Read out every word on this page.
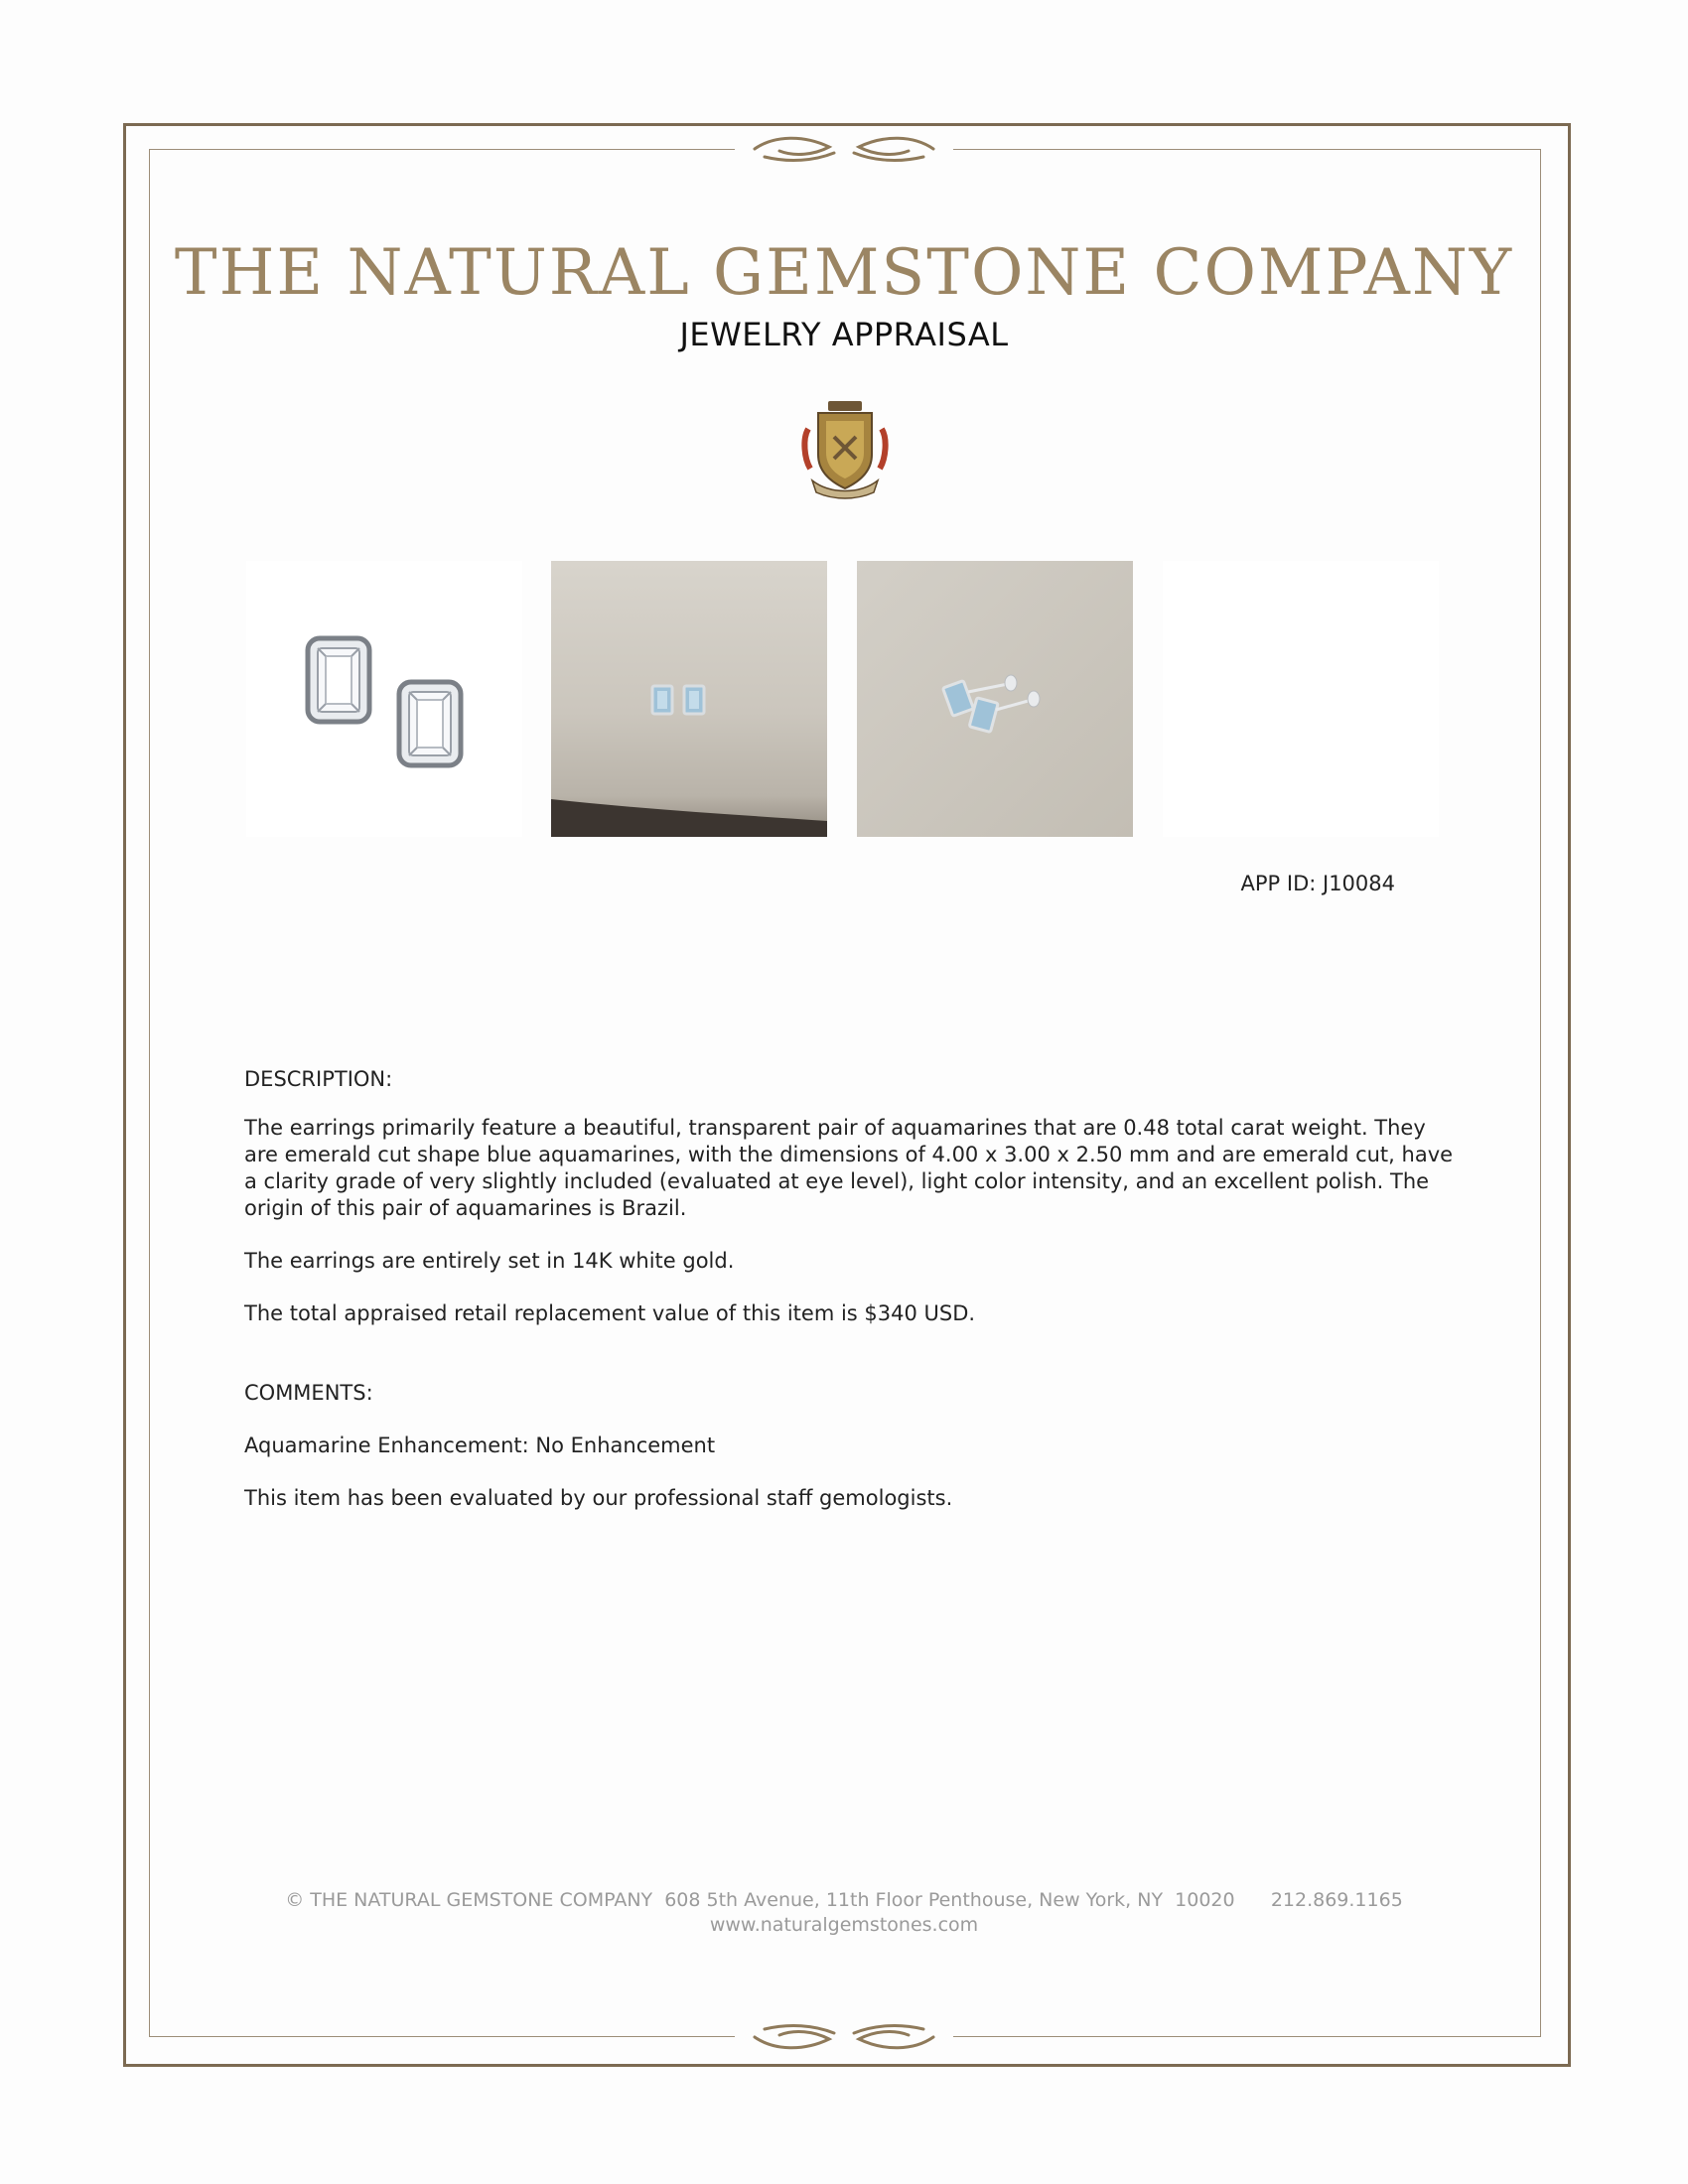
THE NATURAL GEMSTONE COMPANY
JEWELRY APPRAISAL
APP ID: J10084
DESCRIPTION:
The earrings primarily feature a beautiful, transparent pair of aquamarines that are 0.48 total carat weight. They are emerald cut shape blue aquamarines, with the dimensions of 4.00 x 3.00 x 2.50 mm and are emerald cut, have a clarity grade of very slightly included (evaluated at eye level), light color intensity, and an excellent polish. The origin of this pair of aquamarines is Brazil.
The earrings are entirely set in 14K white gold.
The total appraised retail replacement value of this item is $340 USD.
COMMENTS:
Aquamarine Enhancement: No Enhancement
This item has been evaluated by our professional staff gemologists.
© THE NATURAL GEMSTONE COMPANY  608 5th Avenue, 11th Floor Penthouse, New York, NY  10020      212.869.1165
www.naturalgemstones.com
